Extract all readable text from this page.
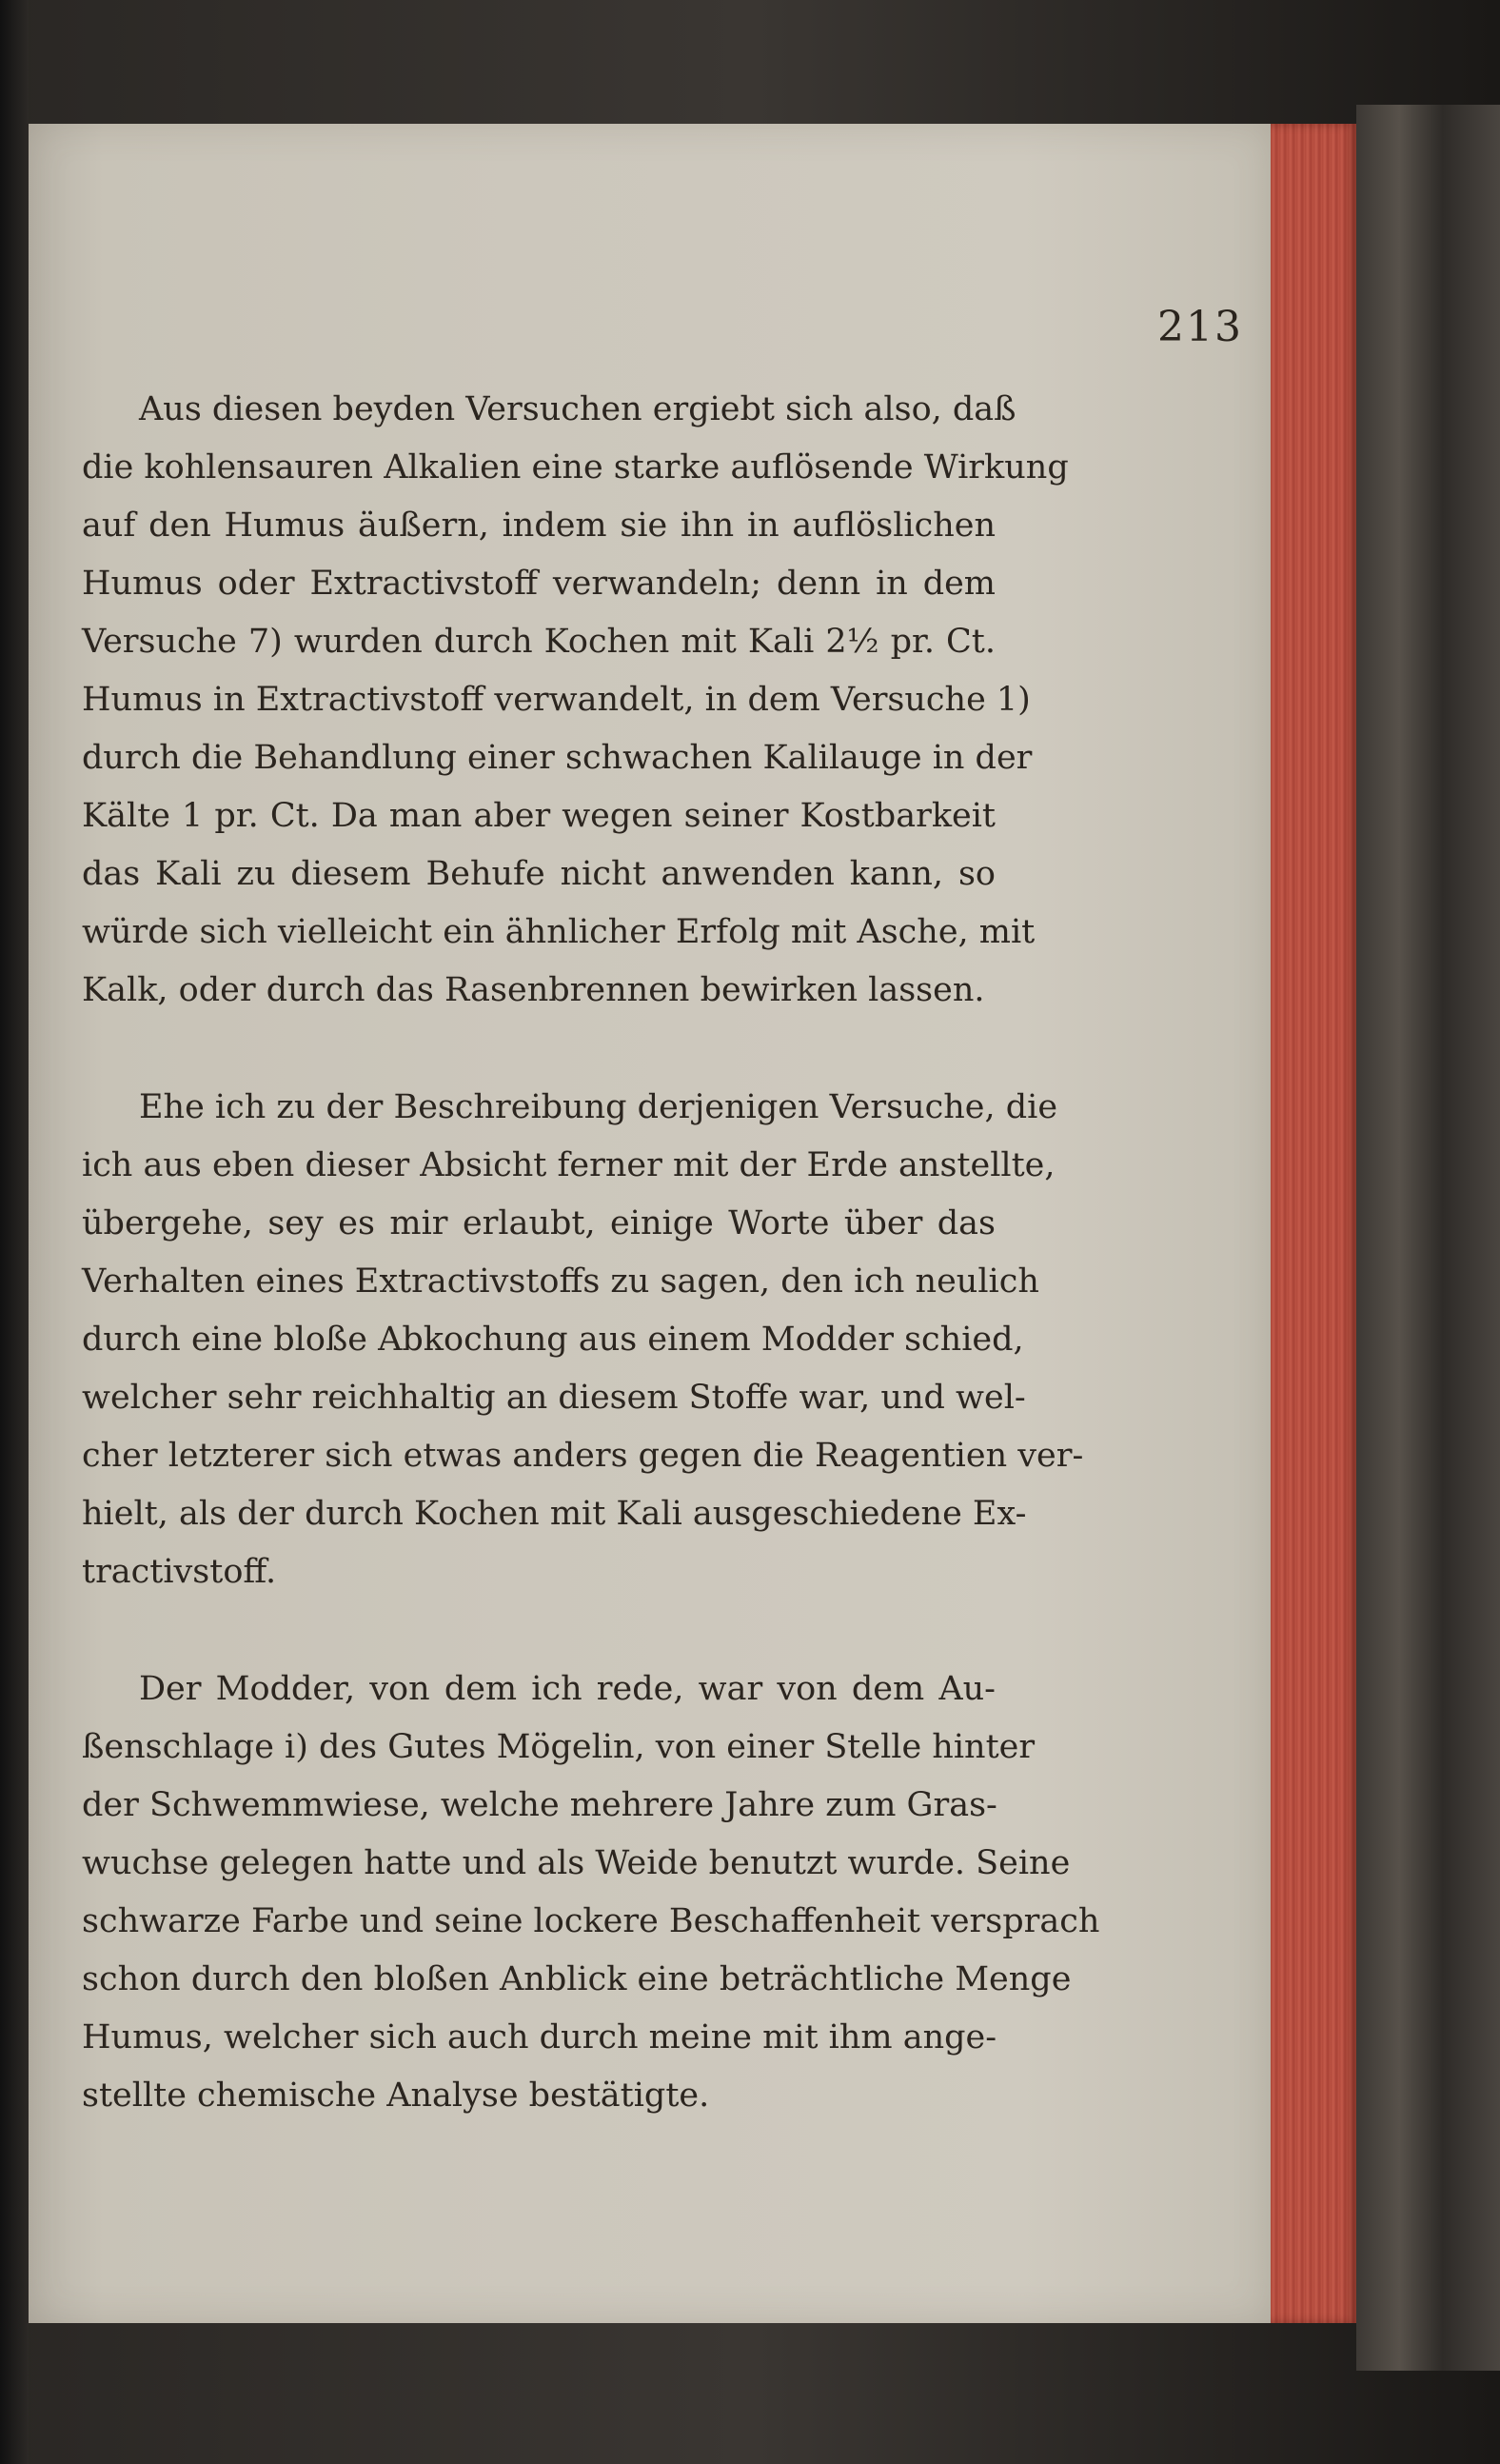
213

Aus diesen beyden Versuchen ergiebt sich also, daß
die kohlensauren Alkalien eine starke auflösende Wirkung
auf den Humus äußern, indem sie ihn in auflöslichen
Humus oder Extractivstoff verwandeln; denn in dem
Versuche 7) wurden durch Kochen mit Kali 2½ pr. Ct.
Humus in Extractivstoff verwandelt, in dem Versuche 1)
durch die Behandlung einer schwachen Kalilauge in der
Kälte 1 pr. Ct. Da man aber wegen seiner Kostbarkeit
das Kali zu diesem Behufe nicht anwenden kann, so
würde sich vielleicht ein ähnlicher Erfolg mit Asche, mit
Kalk, oder durch das Rasenbrennen bewirken lassen.

Ehe ich zu der Beschreibung derjenigen Versuche, die
ich aus eben dieser Absicht ferner mit der Erde anstellte,
übergehe, sey es mir erlaubt, einige Worte über das
Verhalten eines Extractivstoffs zu sagen, den ich neulich
durch eine bloße Abkochung aus einem Modder schied,
welcher sehr reichhaltig an diesem Stoffe war, und wel-
cher letzterer sich etwas anders gegen die Reagentien ver-
hielt, als der durch Kochen mit Kali ausgeschiedene Ex-
tractivstoff.

Der Modder, von dem ich rede, war von dem Au-
ßenschlage i) des Gutes Mögelin, von einer Stelle hinter
der Schwemmwiese, welche mehrere Jahre zum Gras-
wuchse gelegen hatte und als Weide benutzt wurde. Seine
schwarze Farbe und seine lockere Beschaffenheit versprach
schon durch den bloßen Anblick eine beträchtliche Menge
Humus, welcher sich auch durch meine mit ihm ange-
stellte chemische Analyse bestätigte.
